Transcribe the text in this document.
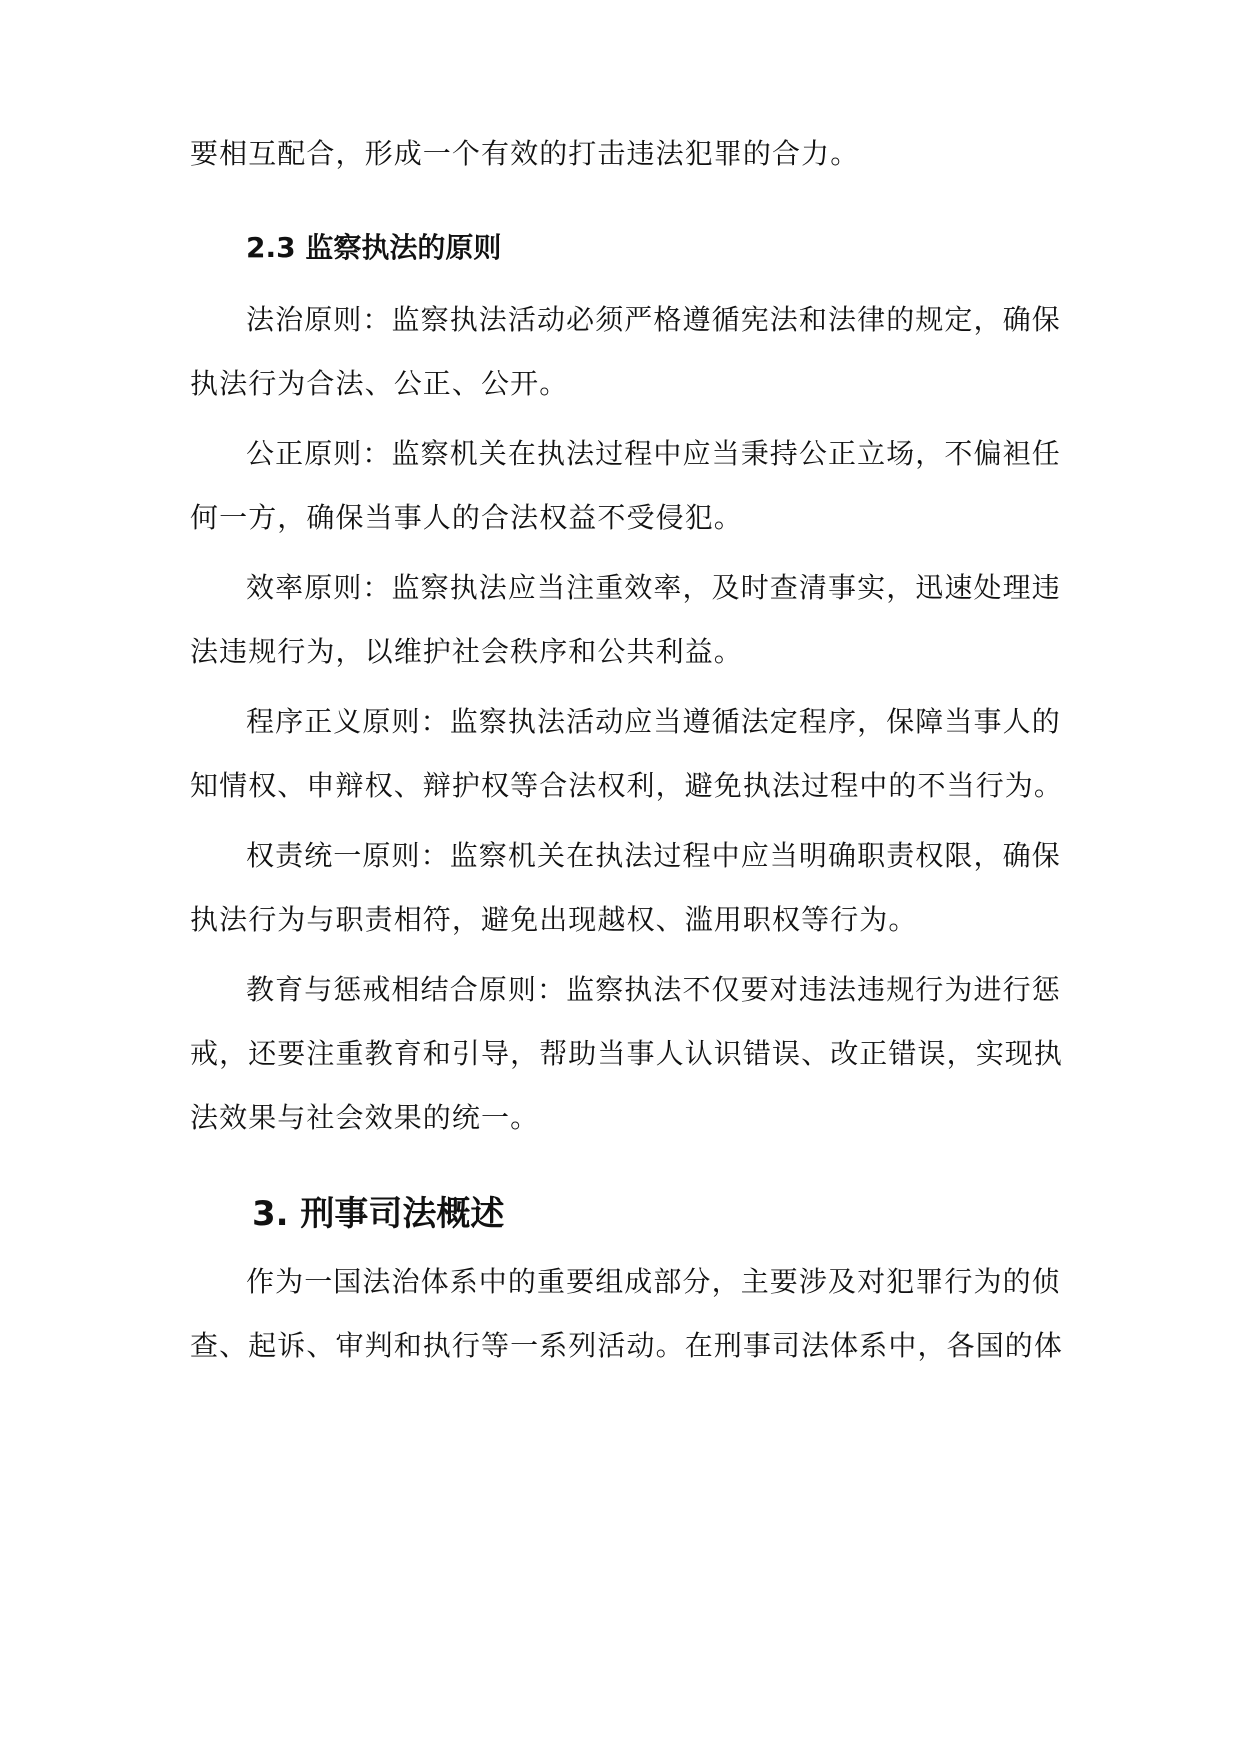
要相互配合，形成一个有效的打击违法犯罪的合力。
2.3 监察执法的原则
法治原则：监察执法活动必须严格遵循宪法和法律的规定，确保
执法行为合法、公正、公开。
公正原则：监察机关在执法过程中应当秉持公正立场，不偏袒任
何一方，确保当事人的合法权益不受侵犯。
效率原则：监察执法应当注重效率，及时查清事实，迅速处理违
法违规行为，以维护社会秩序和公共利益。
程序正义原则：监察执法活动应当遵循法定程序，保障当事人的
知情权、申辩权、辩护权等合法权利，避免执法过程中的不当行为。
权责统一原则：监察机关在执法过程中应当明确职责权限，确保
执法行为与职责相符，避免出现越权、滥用职权等行为。
教育与惩戒相结合原则：监察执法不仅要对违法违规行为进行惩
戒，还要注重教育和引导，帮助当事人认识错误、改正错误，实现执
法效果与社会效果的统一。
3. 刑事司法概述
作为一国法治体系中的重要组成部分，主要涉及对犯罪行为的侦
查、起诉、审判和执行等一系列活动。在刑事司法体系中，各国的体
